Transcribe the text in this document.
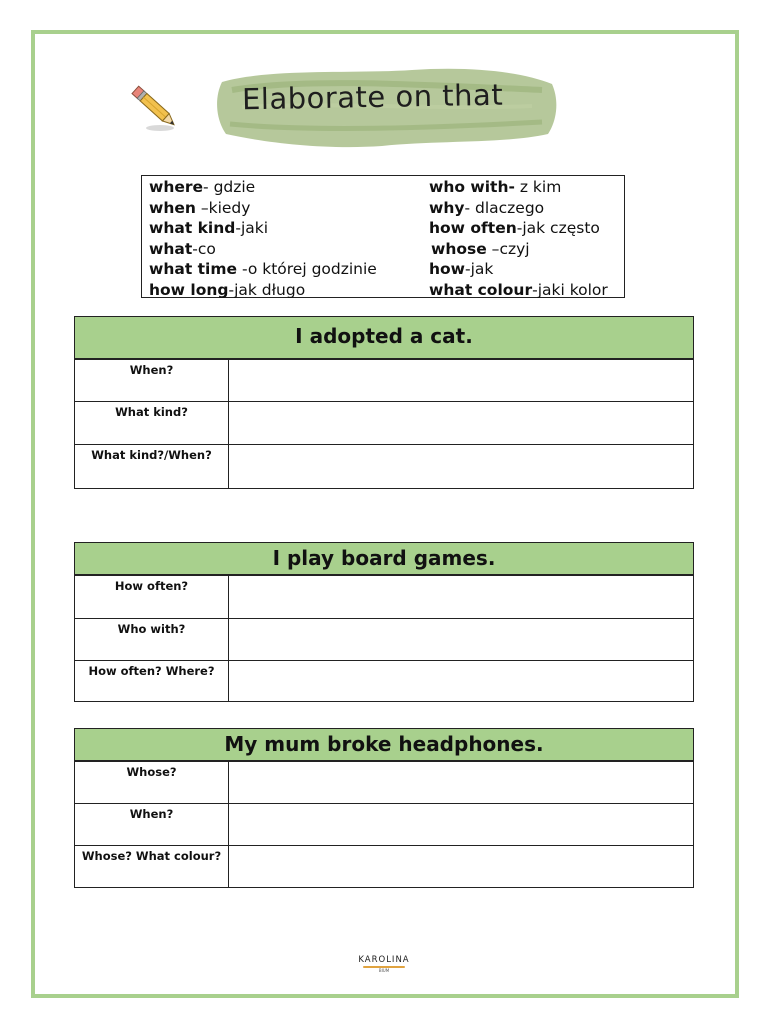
Elaborate on that
where- gdzie
when –kiedy
what kind-jaki
what-co
what time -o której godzinie
how long-jak długo
who with- z kim
why- dlaczego
how often-jak często
whose –czyj
how-jak
what colour-jaki kolor
I adopted a cat.
When?
What kind?
What kind?/When?
I play board games.
How often?
Who with?
How often? Where?
My mum broke headphones.
Whose?
When?
Whose? What colour?
KAROLINA
BIUM
